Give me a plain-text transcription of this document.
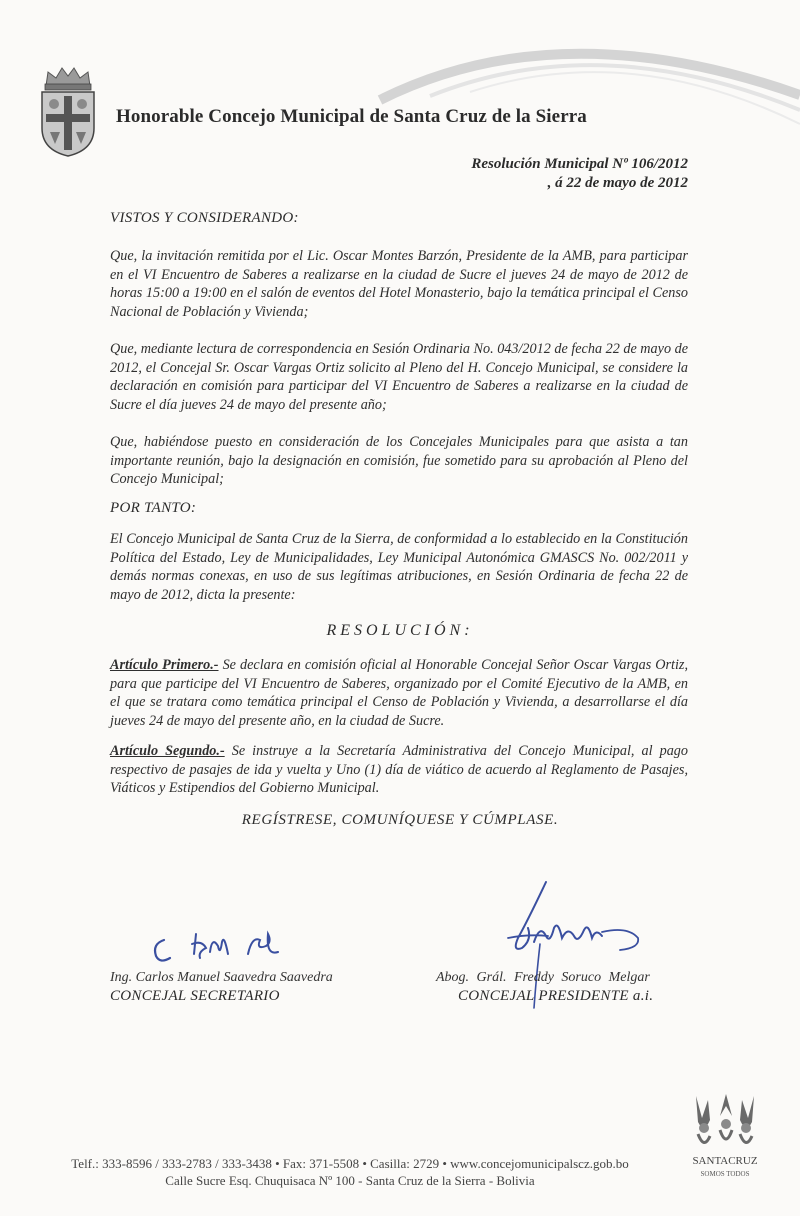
Honorable Concejo Municipal de Santa Cruz de la Sierra
Resolución Municipal Nº 106/2012
, á 22 de mayo de 2012
VISTOS Y CONSIDERANDO:
Que, la invitación remitida por el Lic. Oscar Montes Barzón, Presidente de la AMB, para participar en el VI Encuentro de Saberes a realizarse en la ciudad de Sucre el jueves 24 de mayo de 2012 de horas 15:00 a 19:00 en el salón de eventos del Hotel Monasterio, bajo la temática principal el Censo Nacional de Población y Vivienda;
Que, mediante lectura de correspondencia en Sesión Ordinaria No. 043/2012 de fecha 22 de mayo de 2012, el Concejal Sr. Oscar Vargas Ortiz solicito al Pleno del H. Concejo Municipal, se considere la declaración en comisión para participar del VI Encuentro de Saberes a realizarse en la ciudad de Sucre el día jueves 24 de mayo del presente año;
Que, habiéndose puesto en consideración de los Concejales Municipales para que asista a tan importante reunión, bajo la designación en comisión, fue sometido para su aprobación al Pleno del Concejo Municipal;
POR TANTO:
El Concejo Municipal de Santa Cruz de la Sierra, de conformidad a lo establecido en la Constitución Política del Estado, Ley de Municipalidades, Ley Municipal Autonómica GMASCS No. 002/2011 y demás normas conexas, en uso de sus legítimas atribuciones, en Sesión Ordinaria de fecha 22 de mayo de 2012, dicta la presente:
RESOLUCIÓN:
Artículo Primero.- Se declara en comisión oficial al Honorable Concejal Señor Oscar Vargas Ortiz, para que participe del VI Encuentro de Saberes, organizado por el Comité Ejecutivo de la AMB, en el que se tratara como temática principal el Censo de Población y Vivienda, a desarrollarse el día jueves 24 de mayo del presente año, en la ciudad de Sucre.
Artículo Segundo.- Se instruye a la Secretaría Administrativa del Concejo Municipal, al pago respectivo de pasajes de ida y vuelta y Uno (1) día de viático de acuerdo al Reglamento de Pasajes, Viáticos y Estipendios del Gobierno Municipal.
REGÍSTRESE, COMUNÍQUESE Y CÚMPLASE.
Ing. Carlos Manuel Saavedra Saavedra
CONCEJAL SECRETARIO
Abog. Grál. Freddy Soruco Melgar
CONCEJAL PRESIDENTE a.i.
Telf.: 333-8596 / 333-2783 / 333-3438 • Fax: 371-5508 • Casilla: 2729 • www.concejomunicipalscz.gob.bo
Calle Sucre Esq. Chuquisaca Nº 100 - Santa Cruz de la Sierra - Bolivia
SANTACRUZ
SOMOS TODOS
